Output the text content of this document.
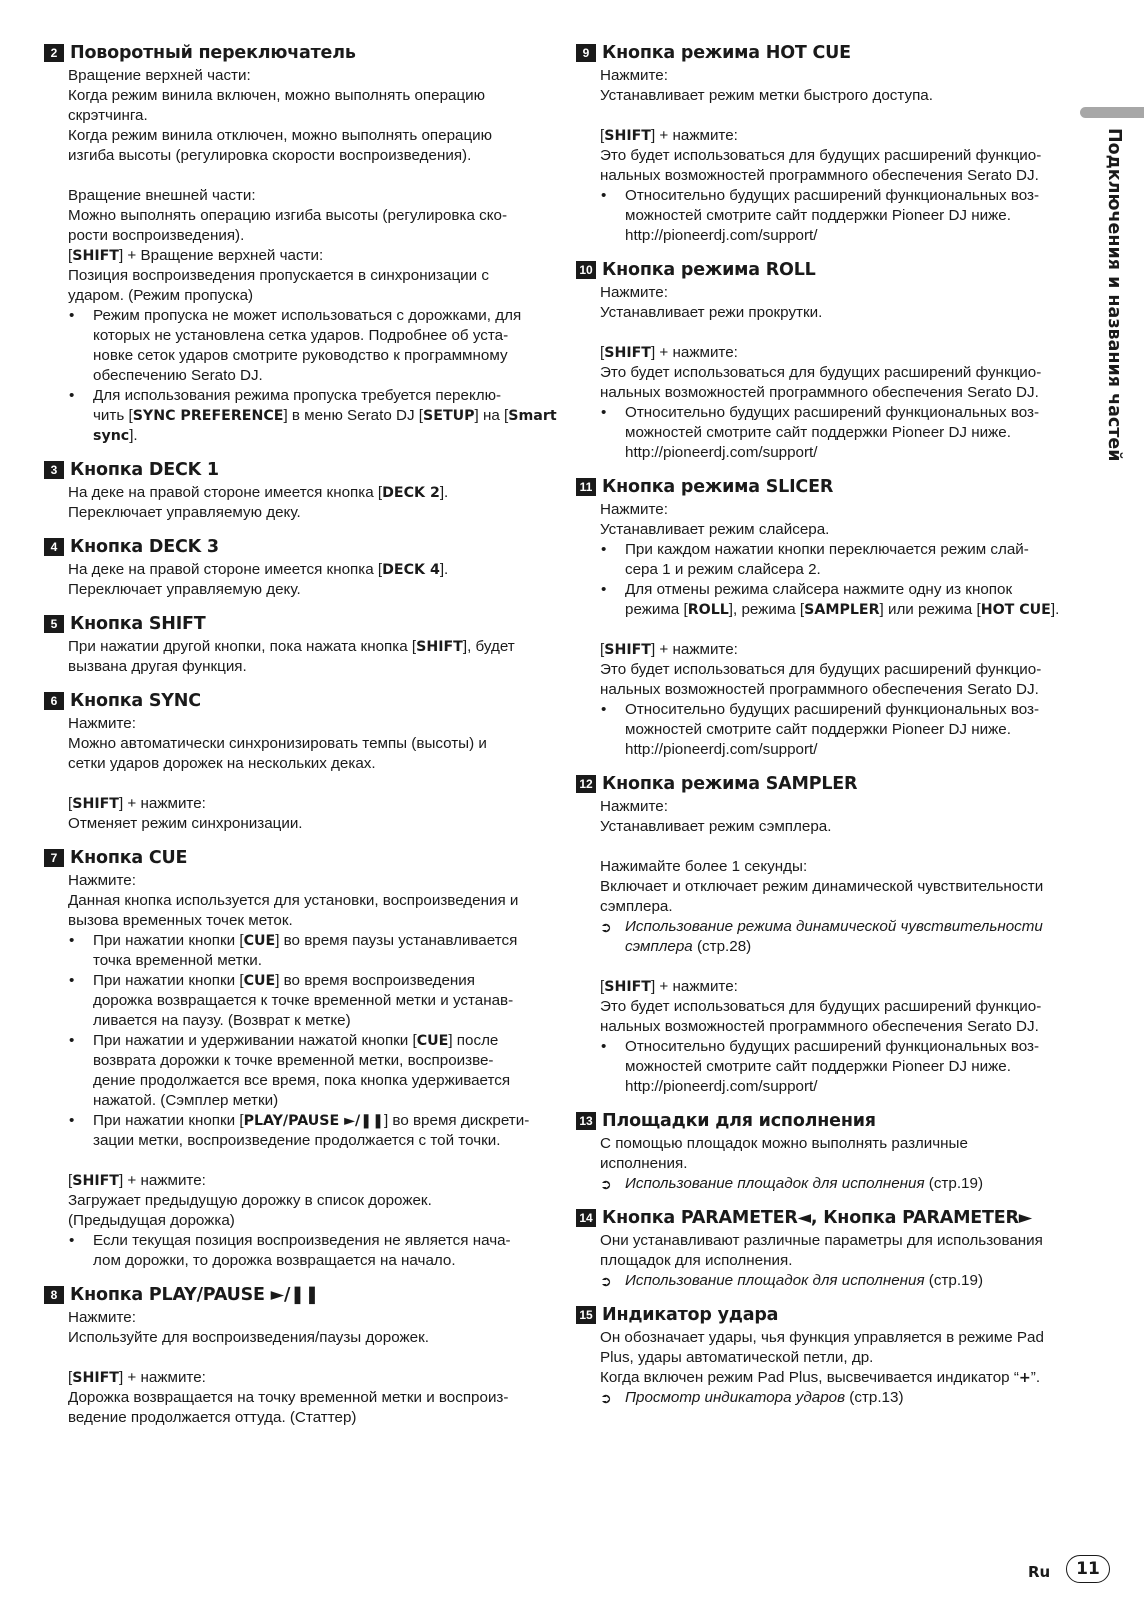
2 Поворотный переключатель
Вращение верхней части:
Когда режим винила включен, можно выполнять операцию
скрэтчинга.
Когда режим винила отключен, можно выполнять операцию
изгиба высоты (регулировка скорости воспроизведения).
Вращение внешней части:
Можно выполнять операцию изгиба высоты (регулировка ско-
рости воспроизведения).
[SHIFT] + Вращение верхней части:
Позиция воспроизведения пропускается в синхронизации с
ударом. (Режим пропуска)
• Режим пропуска не может использоваться с дорожками, для
которых не установлена сетка ударов. Подробнее об уста-
новке сеток ударов смотрите руководство к программному
обеспечению Serato DJ.
• Для использования режима пропуска требуется переклю-
чить [SYNC PREFERENCE] в меню Serato DJ [SETUP] на [Smart
sync].
3 Кнопка DECK 1
На деке на правой стороне имеется кнопка [DECK 2].
Переключает управляемую деку.
4 Кнопка DECK 3
На деке на правой стороне имеется кнопка [DECK 4].
Переключает управляемую деку.
5 Кнопка SHIFT
При нажатии другой кнопки, пока нажата кнопка [SHIFT], будет
вызвана другая функция.
6 Кнопка SYNC
Нажмите:
Можно автоматически синхронизировать темпы (высоты) и
сетки ударов дорожек на нескольких деках.
[SHIFT] + нажмите:
Отменяет режим синхронизации.
7 Кнопка CUE
Нажмите:
Данная кнопка используется для установки, воспроизведения и
вызова временных точек меток.
• При нажатии кнопки [CUE] во время паузы устанавливается
точка временной метки.
• При нажатии кнопки [CUE] во время воспроизведения
дорожка возвращается к точке временной метки и устанав-
ливается на паузу. (Возврат к метке)
• При нажатии и удерживании нажатой кнопки [CUE] после
возврата дорожки к точке временной метки, воспроизве-
дение продолжается все время, пока кнопка удерживается
нажатой. (Сэмплер метки)
• При нажатии кнопки [PLAY/PAUSE ►/❚❚] во время дискрети-
зации метки, воспроизведение продолжается с той точки.
[SHIFT] + нажмите:
Загружает предыдущую дорожку в список дорожек.
(Предыдущая дорожка)
• Если текущая позиция воспроизведения не является нача-
лом дорожки, то дорожка возвращается на начало.
8 Кнопка PLAY/PAUSE ►/❚❚
Нажмите:
Используйте для воспроизведения/паузы дорожек.
[SHIFT] + нажмите:
Дорожка возвращается на точку временной метки и воспроиз-
ведение продолжается оттуда. (Статтер)
9 Кнопка режима HOT CUE
Нажмите:
Устанавливает режим метки быстрого доступа.
[SHIFT] + нажмите:
Это будет использоваться для будущих расширений функцио-
нальных возможностей программного обеспечения Serato DJ.
• Относительно будущих расширений функциональных воз-
можностей смотрите сайт поддержки Pioneer DJ ниже.
http://pioneerdj.com/support/
10 Кнопка режима ROLL
Нажмите:
Устанавливает режи прокрутки.
[SHIFT] + нажмите:
Это будет использоваться для будущих расширений функцио-
нальных возможностей программного обеспечения Serato DJ.
• Относительно будущих расширений функциональных воз-
можностей смотрите сайт поддержки Pioneer DJ ниже.
http://pioneerdj.com/support/
11 Кнопка режима SLICER
Нажмите:
Устанавливает режим слайсера.
• При каждом нажатии кнопки переключается режим слай-
сера 1 и режим слайсера 2.
• Для отмены режима слайсера нажмите одну из кнопок
режима [ROLL], режима [SAMPLER] или режима [HOT CUE].
[SHIFT] + нажмите:
Это будет использоваться для будущих расширений функцио-
нальных возможностей программного обеспечения Serato DJ.
• Относительно будущих расширений функциональных воз-
можностей смотрите сайт поддержки Pioneer DJ ниже.
http://pioneerdj.com/support/
12 Кнопка режима SAMPLER
Нажмите:
Устанавливает режим сэмплера.
Нажимайте более 1 секунды:
Включает и отключает режим динамической чувствительности
сэмплера.
➲ Использование режима динамической чувствительности
сэмплера (стр.28)
[SHIFT] + нажмите:
Это будет использоваться для будущих расширений функцио-
нальных возможностей программного обеспечения Serato DJ.
• Относительно будущих расширений функциональных воз-
можностей смотрите сайт поддержки Pioneer DJ ниже.
http://pioneerdj.com/support/
13 Площадки для исполнения
С помощью площадок можно выполнять различные
исполнения.
➲ Использование площадок для исполнения (стр.19)
14 Кнопка PARAMETER◄, Кнопка PARAMETER►
Они устанавливают различные параметры для использования
площадок для исполнения.
➲ Использование площадок для исполнения (стр.19)
15 Индикатор удара
Он обозначает удары, чья функция управляется в режиме Pad
Plus, удары автоматической петли, др.
Когда включен режим Pad Plus, высвечивается индикатор “+”.
➲ Просмотр индикатора ударов (стр.13)
Подключения и названия частей
Ru	11
